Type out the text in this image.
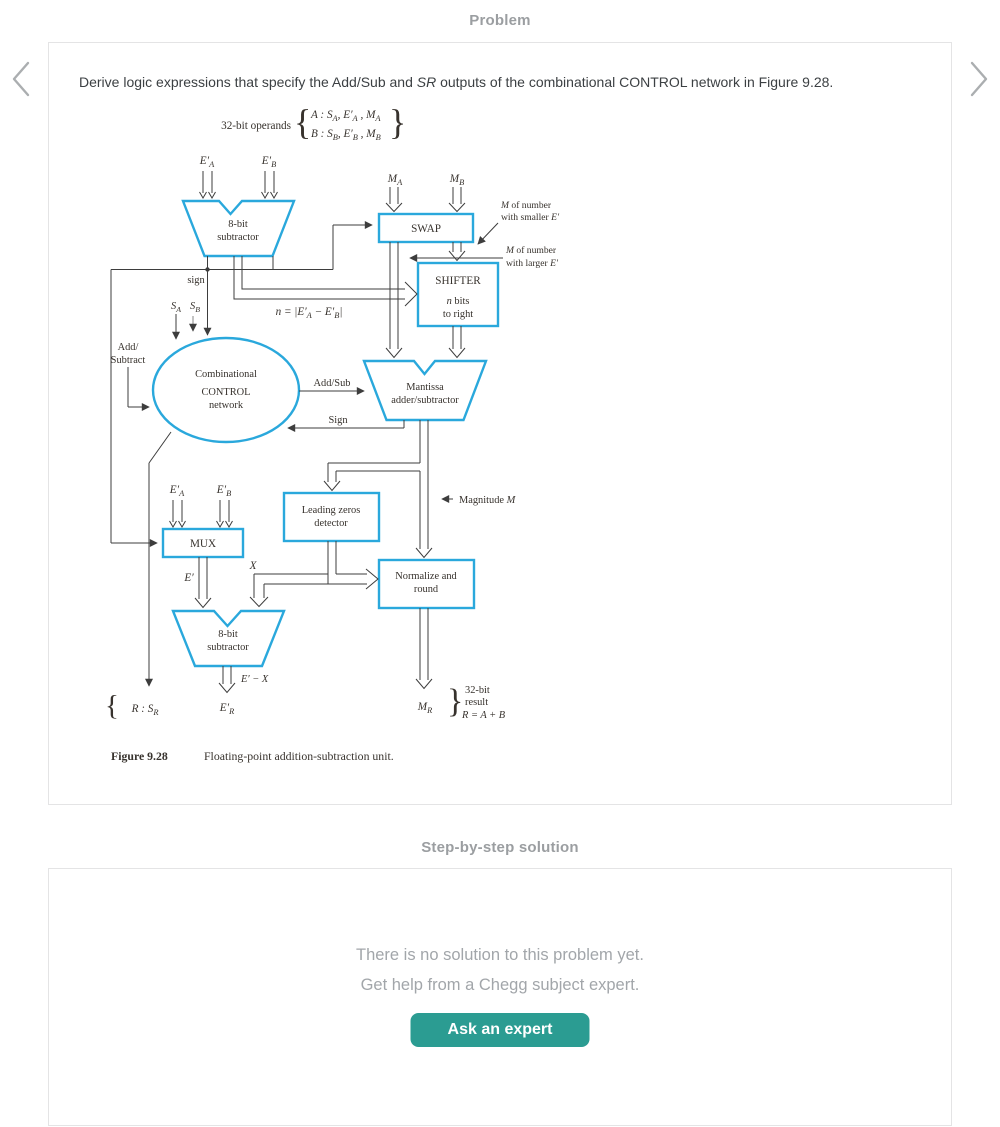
Problem

Derive logic expressions that specify the Add/Sub and SR outputs of the combinational CONTROL network in Figure 9.28.

32-bit operands { A : $S_A$, $E'_A$ , $M_A$
B : $S_B$, $E'_B$ , $M_B$ }
$E'_A$	$E'_B$
$M_A$	$M_B$
8-bit
subtractor
SWAP
SHIFTER
n bits
to right
M of number
with smaller E′
M of number
with larger E′
sign
$S_A$ $S_B$	$n = |E'_A - E'_B|$
Add/
Subtract
Combinational
CONTROL
network
Add/Sub	Mantissa
adder/subtractor
Sign
Magnitude M
$E'_A$	$E'_B$
MUX
Leading zeros
detector
X
Normalize and
round
E′
8-bit
subtractor
E′ − X
$E'_R$
{ R : $S_R$	$M_R$ } 32-bit
result
R = A + B
Figure 9.28	Floating-point addition-subtraction unit.
Step-by-step solution

There is no solution to this problem yet.

Get help from a Chegg subject expert.

Ask an expert
